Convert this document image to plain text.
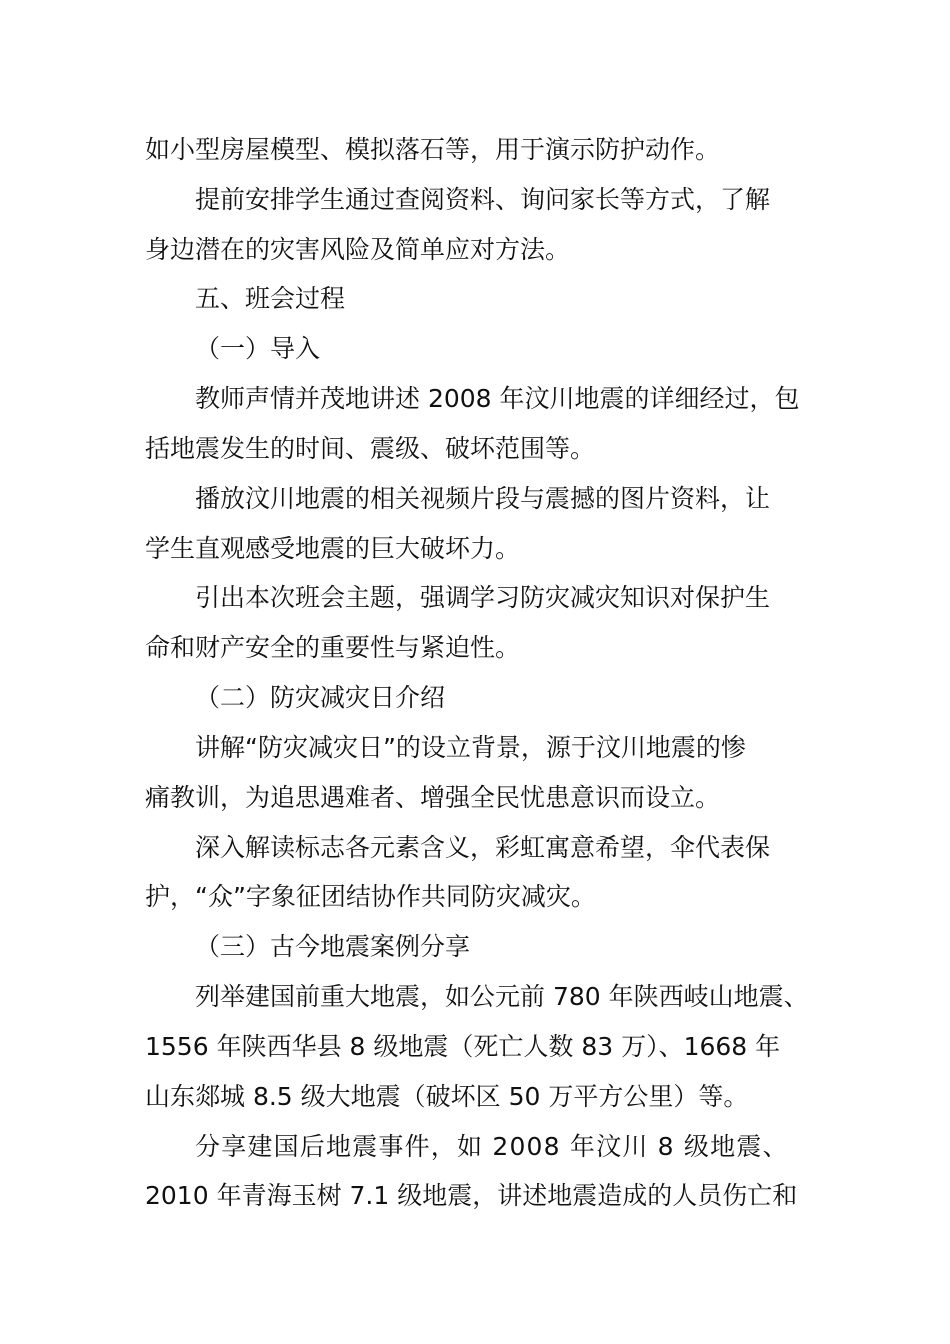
如小型房屋模型、模拟落石等，用于演示防护动作。
提前安排学生通过查阅资料、询问家长等方式，了解
身边潜在的灾害风险及简单应对方法。
五、班会过程
（一）导入
教师声情并茂地讲述 2008 年汶川地震的详细经过，包
括地震发生的时间、震级、破坏范围等。
播放汶川地震的相关视频片段与震撼的图片资料，让
学生直观感受地震的巨大破坏力。
引出本次班会主题，强调学习防灾减灾知识对保护生
命和财产安全的重要性与紧迫性。
（二）防灾减灾日介绍
讲解“防灾减灾日”的设立背景，源于汶川地震的惨
痛教训，为追思遇难者、增强全民忧患意识而设立。
深入解读标志各元素含义，彩虹寓意希望，伞代表保
护，“众”字象征团结协作共同防灾减灾。
（三）古今地震案例分享
列举建国前重大地震，如公元前 780 年陕西岐山地震、
1556 年陕西华县 8 级地震（死亡人数 83 万）、1668 年
山东郯城 8.5 级大地震（破坏区 50 万平方公里）等。
分享建国后地震事件，如 2008 年汶川 8 级地震、
2010 年青海玉树 7.1 级地震，讲述地震造成的人员伤亡和
